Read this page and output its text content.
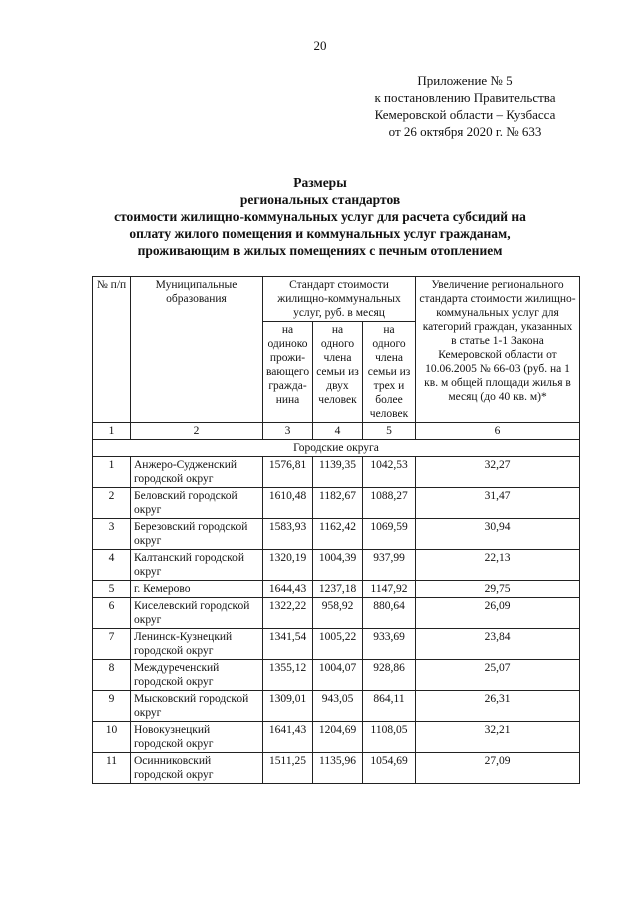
20
Приложение № 5
к постановлению Правительства
Кемеровской области – Кузбасса
от 26 октября 2020 г. № 633
Размеры
региональных стандартов
стоимости жилищно-коммунальных услуг для расчета субсидий на
оплату жилого помещения и коммунальных услуг гражданам,
проживающим в жилых помещениях с печным отоплением
№ п/п	Муниципальные образования	Стандарт стоимости жилищно-коммунальных услуг, руб. в месяц			Увеличение регионального стандарта стоимости жилищно-коммунальных услуг для категорий граждан, указанных в статье 1-1 Закона Кемеровской области от 10.06.2005 № 66-03 (руб. на 1 кв. м общей площади жилья в месяц (до 40 кв. м)*
		на одиноко прожи-вающего гражда-нина	на одного члена семьи из двух человек	на одного члена семьи из трех и более человек	
1	2	3	4	5	6
Городские округа					
1	Анжеро-Судженский городской округ	1576,81	1139,35	1042,53	32,27
2	Беловский городской округ	1610,48	1182,67	1088,27	31,47
3	Березовский городской округ	1583,93	1162,42	1069,59	30,94
4	Калтанский городской округ	1320,19	1004,39	937,99	22,13
5	г. Кемерово	1644,43	1237,18	1147,92	29,75
6	Киселевский городской округ	1322,22	958,92	880,64	26,09
7	Ленинск-Кузнецкий городской округ	1341,54	1005,22	933,69	23,84
8	Междуреченский городской округ	1355,12	1004,07	928,86	25,07
9	Мысковский городской округ	1309,01	943,05	864,11	26,31
10	Новокузнецкий городской округ	1641,43	1204,69	1108,05	32,21
11	Осинниковский городской округ	1511,25	1135,96	1054,69	27,09
